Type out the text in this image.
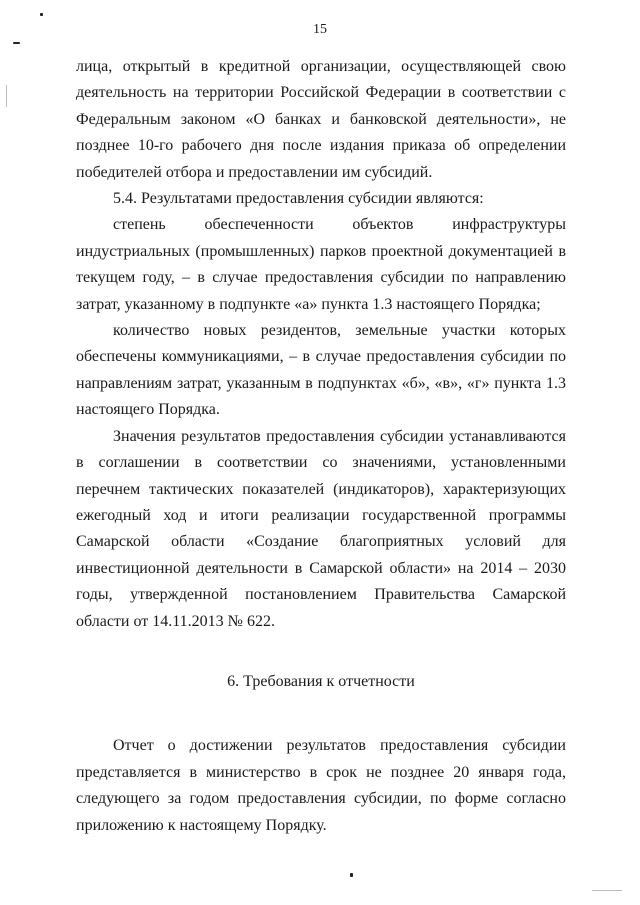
15

лица, открытый в кредитной организации, осуществляющей свою деятельность на территории Российской Федерации в соответствии с Федеральным законом «О банках и банковской деятельности», не позднее 10-го рабочего дня после издания приказа об определении победителей отбора и предоставлении им субсидий.

5.4. Результатами предоставления субсидии являются:

степень обеспеченности объектов инфраструктуры индустриальных (промышленных) парков проектной документацией в текущем году, – в случае предоставления субсидии по направлению затрат, указанному в подпункте «а» пункта 1.3 настоящего Порядка;

количество новых резидентов, земельные участки которых обеспечены коммуникациями, – в случае предоставления субсидии по направлениям затрат, указанным в подпунктах «б», «в», «г» пункта 1.3 настоящего Порядка.

Значения результатов предоставления субсидии устанавливаются в соглашении в соответствии со значениями, установленными перечнем тактических показателей (индикаторов), характеризующих ежегодный ход и итоги реализации государственной программы Самарской области «Создание благоприятных условий для инвестиционной деятельности в Самарской области» на 2014 – 2030 годы, утвержденной постановлением Правительства Самарской области от 14.11.2013 № 622.

6. Требования к отчетности

Отчет о достижении результатов предоставления субсидии представляется в министерство в срок не позднее 20 января года, следующего за годом предоставления субсидии, по форме согласно приложению к настоящему Порядку.
